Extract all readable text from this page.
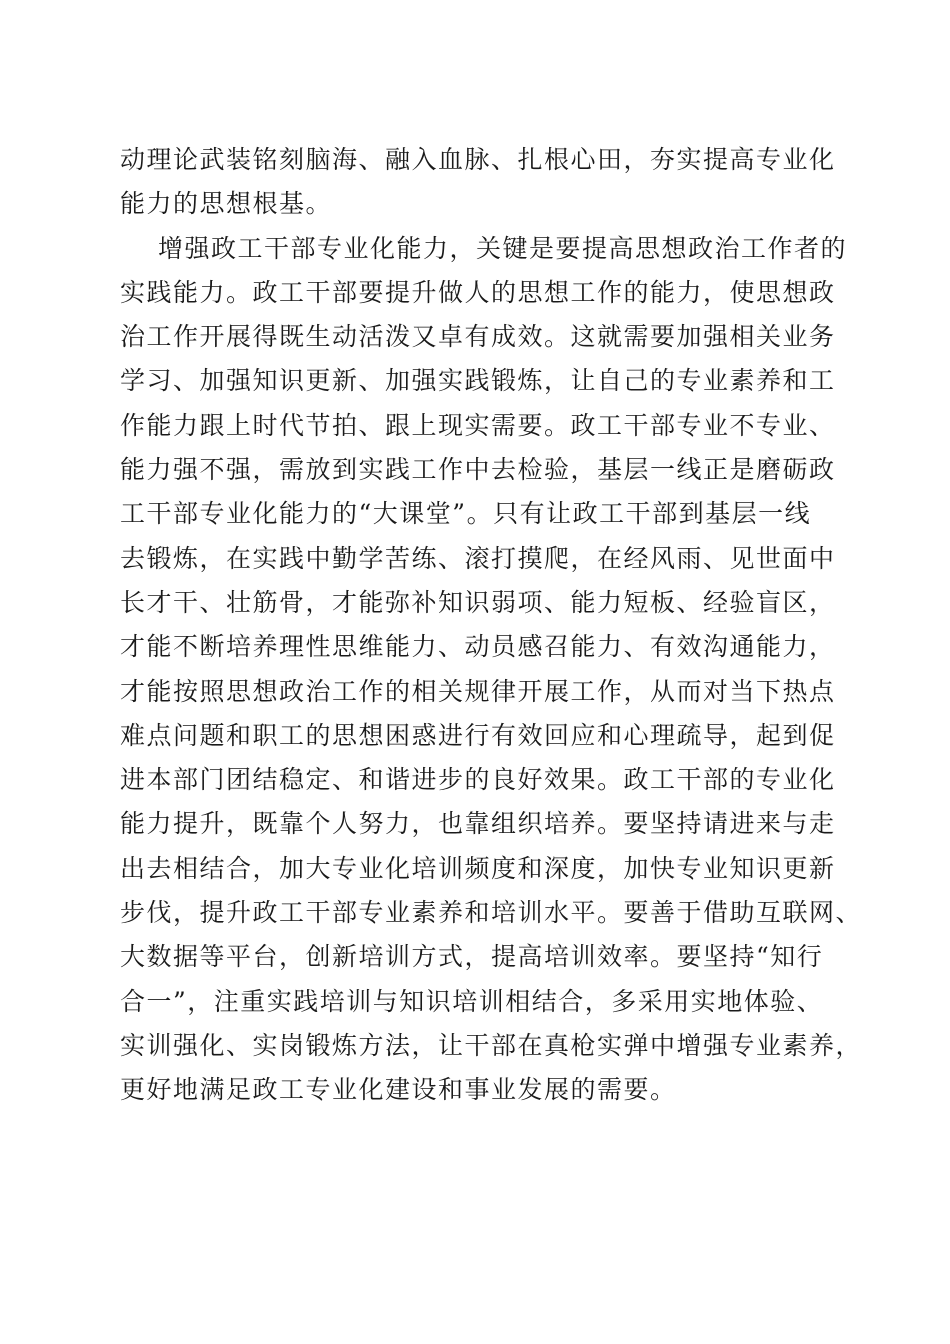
动理论武装铭刻脑海、融入血脉、扎根心田，夯实提高专业化
能力的思想根基。
增强政工干部专业化能力，关键是要提高思想政治工作者的
实践能力。政工干部要提升做人的思想工作的能力，使思想政
治工作开展得既生动活泼又卓有成效。这就需要加强相关业务
学习、加强知识更新、加强实践锻炼，让自己的专业素养和工
作能力跟上时代节拍、跟上现实需要。政工干部专业不专业、
能力强不强，需放到实践工作中去检验，基层一线正是磨砺政
工干部专业化能力的“大课堂”。只有让政工干部到基层一线
去锻炼，在实践中勤学苦练、滚打摸爬，在经风雨、见世面中
长才干、壮筋骨，才能弥补知识弱项、能力短板、经验盲区，
才能不断培养理性思维能力、动员感召能力、有效沟通能力，
才能按照思想政治工作的相关规律开展工作，从而对当下热点
难点问题和职工的思想困惑进行有效回应和心理疏导，起到促
进本部门团结稳定、和谐进步的良好效果。政工干部的专业化
能力提升，既靠个人努力，也靠组织培养。要坚持请进来与走
出去相结合，加大专业化培训频度和深度，加快专业知识更新
步伐，提升政工干部专业素养和培训水平。要善于借助互联网、
大数据等平台，创新培训方式，提高培训效率。要坚持“知行
合一”，注重实践培训与知识培训相结合，多采用实地体验、
实训强化、实岗锻炼方法，让干部在真枪实弹中增强专业素养，
更好地满足政工专业化建设和事业发展的需要。
